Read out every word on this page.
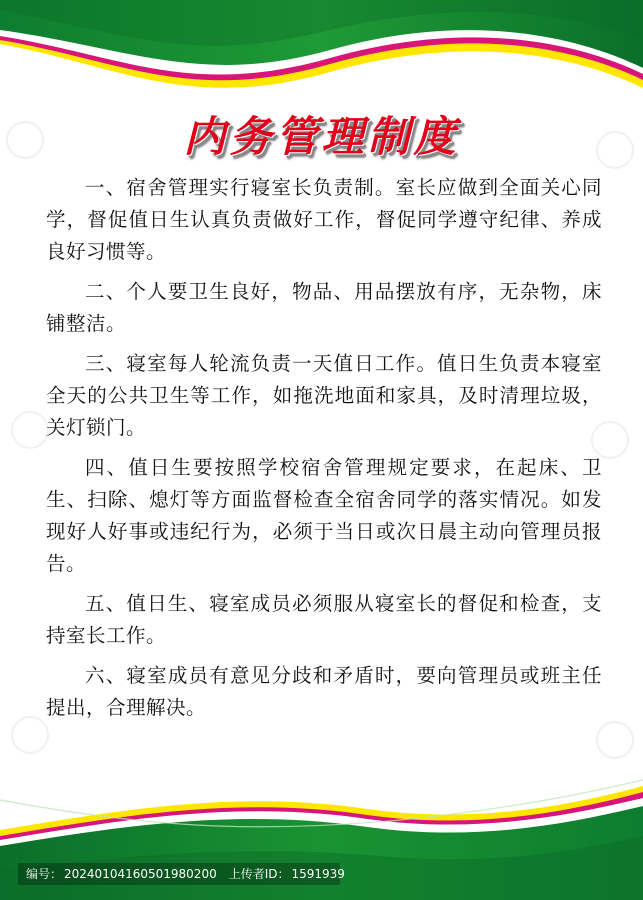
内务管理制度

一、宿舍管理实行寝室长负责制。室长应做到全面关心同学，督促值日生认真负责做好工作，督促同学遵守纪律、养成良好习惯等。

二、个人要卫生良好，物品、用品摆放有序，无杂物，床铺整洁。

三、寝室每人轮流负责一天值日工作。值日生负责本寝室全天的公共卫生等工作，如拖洗地面和家具，及时清理垃圾，关灯锁门。

四、值日生要按照学校宿舍管理规定要求，在起床、卫生、扫除、熄灯等方面监督检查全宿舍同学的落实情况。如发现好人好事或违纪行为，必须于当日或次日晨主动向管理员报告。

五、值日生、寝室成员必须服从寝室长的督促和检查，支持室长工作。

六、寝室成员有意见分歧和矛盾时，要向管理员或班主任提出，合理解决。

编号： 20240104160501980200 上传者ID： 1591939
